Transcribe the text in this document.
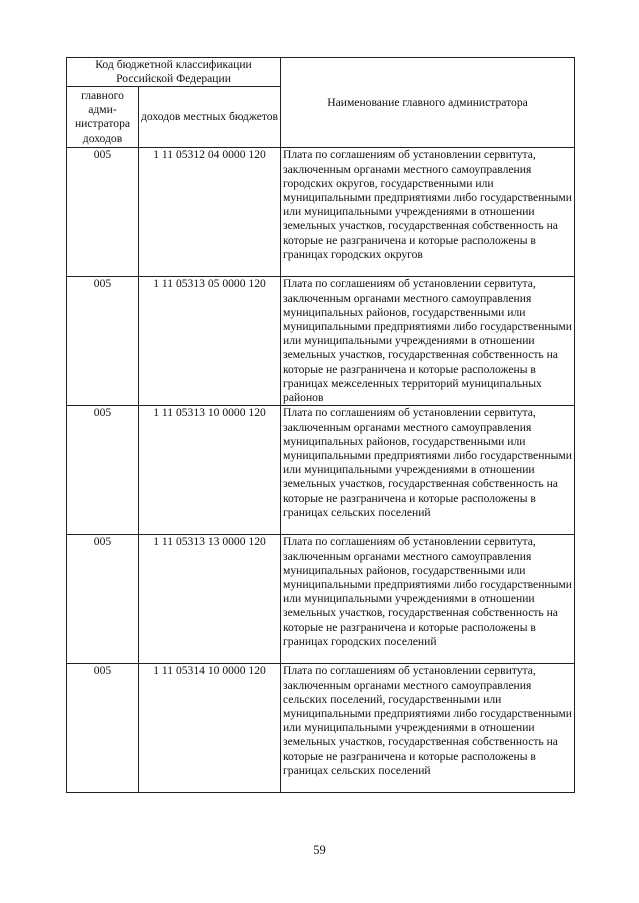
Код бюджетной классификации Российской Федерации		Наименование главного администратора
главного адми-нистратора доходов	доходов местных бюджетов	
005	1 11 05312 04 0000 120	Плата по соглашениям об установлении сервитута, заключенным органами местного самоуправления городских округов, государственными или муниципальными предприятиями либо государственными или муниципальными учреждениями в отношении земельных участков, государственная собственность на которые не разграничена и которые расположены в границах городских округов
005	1 11 05313 05 0000 120	Плата по соглашениям об установлении сервитута, заключенным органами местного самоуправления муниципальных районов, государственными или муниципальными предприятиями либо государственными или муниципальными учреждениями в отношении земельных участков, государственная собственность на которые не разграничена и которые расположены в границах межселенных территорий муниципальных районов
005	1 11 05313 10 0000 120	Плата по соглашениям об установлении сервитута, заключенным органами местного самоуправления муниципальных районов, государственными или муниципальными предприятиями либо государственными или муниципальными учреждениями в отношении земельных участков, государственная собственность на которые не разграничена и которые расположены в границах сельских поселений
005	1 11 05313 13 0000 120	Плата по соглашениям об установлении сервитута, заключенным органами местного самоуправления муниципальных районов, государственными или муниципальными предприятиями либо государственными или муниципальными учреждениями в отношении земельных участков, государственная собственность на которые не разграничена и которые расположены в границах городских поселений
005	1 11 05314 10 0000 120	Плата по соглашениям об установлении сервитута, заключенным органами местного самоуправления сельских поселений, государственными или муниципальными предприятиями либо государственными или муниципальными учреждениями в отношении земельных участков, государственная собственность на которые не разграничена и которые расположены в границах сельских поселений
59
